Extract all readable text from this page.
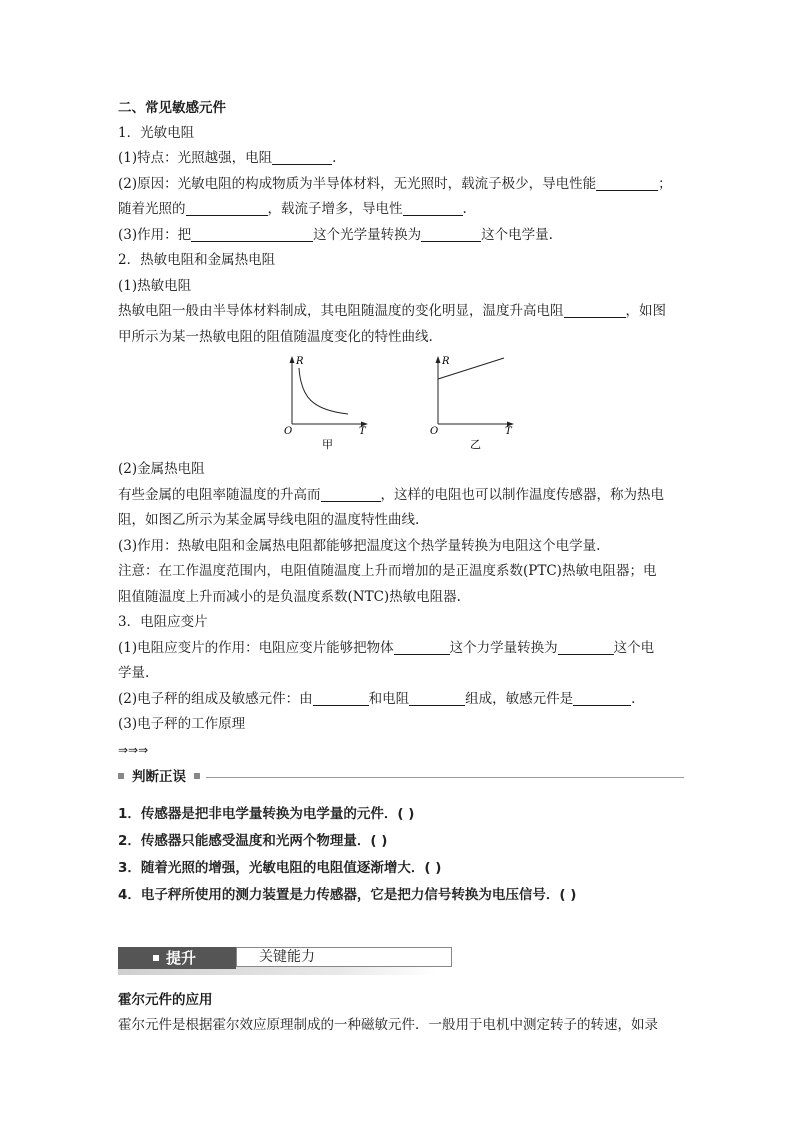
二、常见敏感元件
1．光敏电阻
(1)特点：光照越强，电阻	.
(2)原因：光敏电阻的构成物质为半导体材料，无光照时，载流子极少，导电性能	；
随着光照的	，载流子增多，导电性	.
(3)作用：把	这个光学量转换为	这个电学量.
2．热敏电阻和金属热电阻
(1)热敏电阻
热敏电阻一般由半导体材料制成，其电阻随温度的变化明显，温度升高电阻	，如图
甲所示为某一热敏电阻的阻值随温度变化的特性曲线.
R
O	T
甲
R
O	T
乙
(2)金属热电阻
有些金属的电阻率随温度的升高而	，这样的电阻也可以制作温度传感器，称为热电
阻，如图乙所示为某金属导线电阻的温度特性曲线.
(3)作用：热敏电阻和金属热电阻都能够把温度这个热学量转换为电阻这个电学量.
注意：在工作温度范围内，电阻值随温度上升而增加的是正温度系数(PTC)热敏电阻器；电
阻值随温度上升而减小的是负温度系数(NTC)热敏电阻器.
3．电阻应变片
(1)电阻应变片的作用：电阻应变片能够把物体	这个力学量转换为	这个电
学量.
(2)电子秤的组成及敏感元件：由	和电阻	组成，敏感元件是	.
(3)电子秤的工作原理
⇒⇒⇒
判断正误
1．传感器是把非电学量转换为电学量的元件．( )
2．传感器只能感受温度和光两个物理量．( )
3．随着光照的增强，光敏电阻的电阻值逐渐增大．( )
4．电子秤所使用的测力装置是力传感器，它是把力信号转换为电压信号．( )
提升	关键能力
霍尔元件的应用
霍尔元件是根据霍尔效应原理制成的一种磁敏元件．一般用于电机中测定转子的转速，如录
